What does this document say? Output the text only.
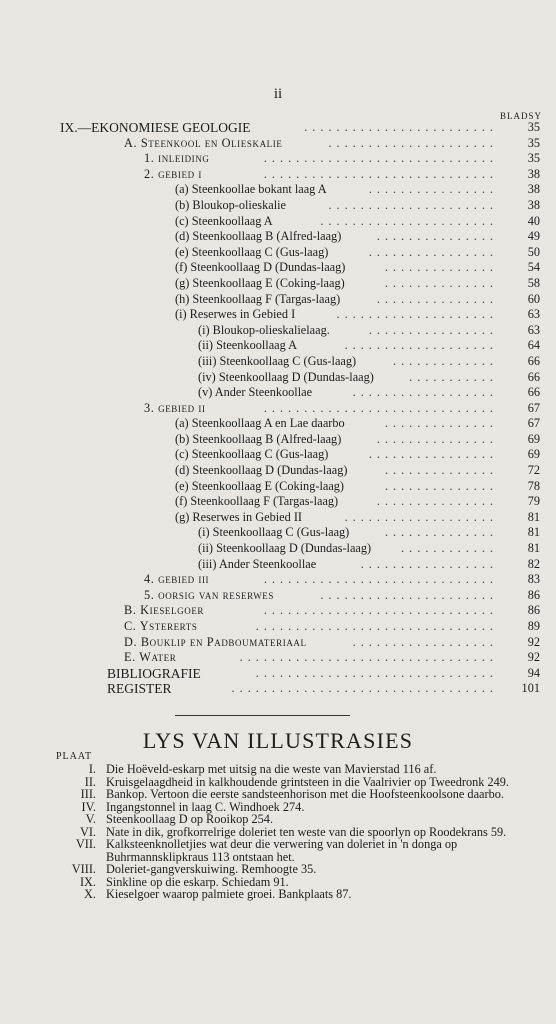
ii
BLADSY
IX.—EKONOMIESE GEOLOGIE	........................	35
A. Steenkool en Olieskalie	.....................	35
1. inleiding	.............................	35
2. gebied i	.............................	38
(a) Steenkoollae bokant laag A	................	38
(b) Bloukop-olieskalie	.....................	38
(c) Steenkoollaag A	......................	40
(d) Steenkoollaag B (Alfred-laag)	...............	49
(e) Steenkoollaag C (Gus-laag)	................	50
(f) Steenkoollaag D (Dundas-laag)	..............	54
(g) Steenkoollaag E (Coking-laag)	..............	58
(h) Steenkoollaag F (Targas-laag)	...............	60
(i) Reserwes in Gebied I	....................	63
(i) Bloukop-olieskalielaag.	................	63
(ii) Steenkoollaag A	...................	64
(iii) Steenkoollaag C (Gus-laag)	.............	66
(iv) Steenkoollaag D (Dundas-laag)	...........	66
(v) Ander Steenkoollae	..................	66
3. gebied ii	.............................	67
(a) Steenkoollaag A en Lae daarbo	..............	67
(b) Steenkoollaag B (Alfred-laag)	...............	69
(c) Steenkoollaag C (Gus-laag)	................	69
(d) Steenkoollaag D (Dundas-laag)	..............	72
(e) Steenkoollaag E (Coking-laag)	..............	78
(f) Steenkoollaag F (Targas-laag)	...............	79
(g) Reserwes in Gebied II	...................	81
(i) Steenkoollaag C (Gus-laag)	..............	81
(ii) Steenkoollaag D (Dundas-laag) ............	81
(iii) Ander Steenkoollae	.................	82
4. gebied iii	.............................	83
5. oorsig van reserwes	......................	86
B. Kieselgoer	.............................	86
C. Ystererts	..............................	89
D. Bouklip en Padboumateriaal	..................	92
E. Water	................................	92
BIBLIOGRAFIE	..............................	94
REGISTER	.................................	101
LYS VAN ILLUSTRASIES
PLAAT
I. Die Hoëveld-eskarp met uitsig na die weste van Mavierstad 116 af.
II. Kruisgelaagdheid in kalkhoudende grintsteen in die Vaalrivier op Tweedronk 249.
III. Bankop. Vertoon die eerste sandsteenhorison met die Hoofsteenkoolsone daarbo.
IV. Ingangstonnel in laag C. Windhoek 274.
V. Steenkoollaag D op Rooikop 254.
VI. Nate in dik, grofkorrelrige doleriet ten weste van die spoorlyn op Roodekrans 59.
VII. Kalksteenknolletjies wat deur die verwering van doleriet in 'n donga op Buhrmannsklipkraus 113 ontstaan het.
VIII. Doleriet-gangverskuiwing. Remhoogte 35.
IX. Sinkline op die eskarp. Schiedam 91.
X. Kieselgoer waarop palmiete groei. Bankplaats 87.
